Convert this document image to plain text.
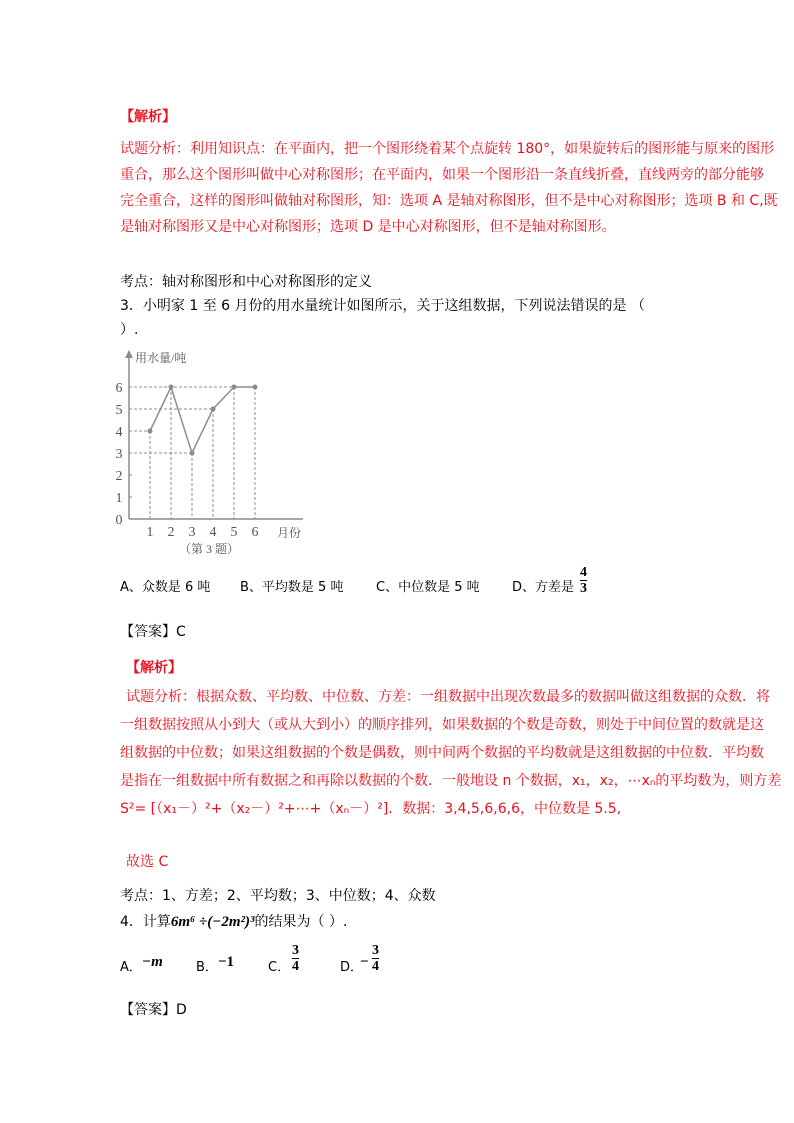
【解析】
试题分析：利用知识点：在平面内，把一个图形绕着某个点旋转 180°，如果旋转后的图形能与原来的图形
重合，那么这个图形叫做中心对称图形；在平面内，如果一个图形沿一条直线折叠，直线两旁的部分能够
完全重合，这样的图形叫做轴对称图形，知：选项 A 是轴对称图形，但不是中心对称图形；选项 B 和 C,既
是轴对称图形又是中心对称图形；选项 D 是中心对称图形，但不是轴对称图形。
考点：轴对称图形和中心对称图形的定义
3．小明家 1 至 6 月份的用水量统计如图所示，关于这组数据，下列说法错误的是 （
）.
用水量/吨
月份
（第 3 题）
0
1
2
3
4
5
6
1 2 3 4 5 6
A、众数是 6 吨 B、平均数是 5 吨	C、中位数是 5 吨 D、方差是
4
3
【答案】C
【解析】
试题分析：根据众数、平均数、中位数、方差：一组数据中出现次数最多的数据叫做这组数据的众数．将
一组数据按照从小到大（或从大到小）的顺序排列，如果数据的个数是奇数，则处于中间位置的数就是这
组数据的中位数；如果这组数据的个数是偶数，则中间两个数据的平均数就是这组数据的中位数．平均数
是指在一组数据中所有数据之和再除以数据的个数．一般地设 n 个数据，x₁，x₂，⋯xₙ的平均数为，则方差
S²= [（x₁－）²+（x₂－）²+⋯+（xₙ－）²]．数据：3,4,5,6,6,6，中位数是 5.5,
故选 C
考点：1、方差；2、平均数；3、中位数；4、众数
4．计算6m⁶ ÷(−2m²)³的结果为（ ）.
A． −m	B． −1	C．
3
4	D．
−
3
4
【答案】D
